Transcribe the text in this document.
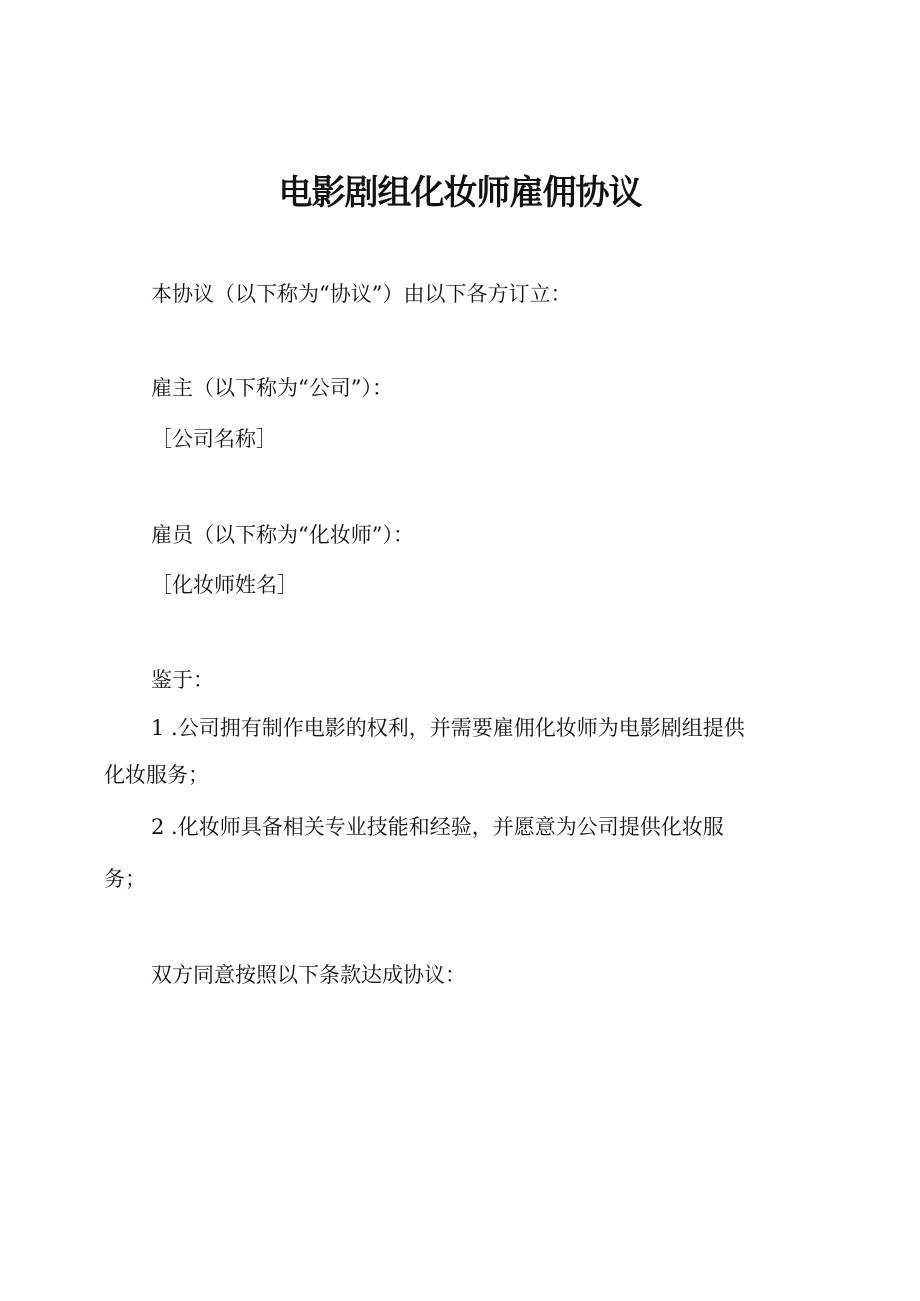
电影剧组化妆师雇佣协议

本协议（以下称为“协议”）由以下各方订立：

雇主（以下称为“公司”）：

［公司名称］

雇员（以下称为“化妆师”）：

［化妆师姓名］

鉴于：

1 .公司拥有制作电影的权利，并需要雇佣化妆师为电影剧组提供

化妆服务；

2 .化妆师具备相关专业技能和经验，并愿意为公司提供化妆服

务；

双方同意按照以下条款达成协议：
